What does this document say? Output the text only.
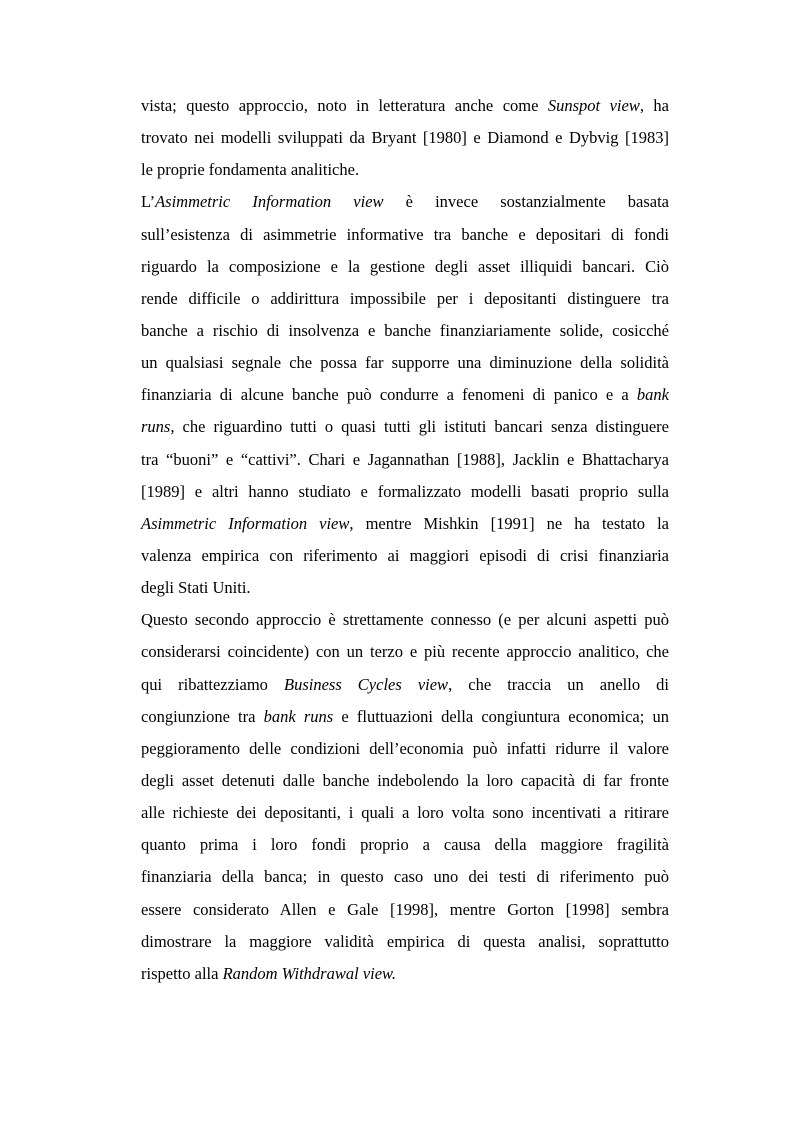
vista; questo approccio, noto in letteratura anche come Sunspot view, ha
trovato nei modelli sviluppati da Bryant [1980] e Diamond e Dybvig [1983]
le proprie fondamenta analitiche.
L’Asimmetric Information view è invece sostanzialmente basata
sull’esistenza di asimmetrie informative tra banche e depositari di fondi
riguardo la composizione e la gestione degli asset illiquidi bancari. Ciò
rende difficile o addirittura impossibile per i depositanti distinguere tra
banche a rischio di insolvenza e banche finanziariamente solide, cosicché
un qualsiasi segnale che possa far supporre una diminuzione della solidità
finanziaria di alcune banche può condurre a fenomeni di panico e a bank
runs, che riguardino tutti o quasi tutti gli istituti bancari senza distinguere
tra “buoni” e “cattivi”. Chari e Jagannathan [1988], Jacklin e Bhattacharya
[1989] e altri hanno studiato e formalizzato modelli basati proprio sulla
Asimmetric Information view, mentre Mishkin [1991] ne ha testato la
valenza empirica con riferimento ai maggiori episodi di crisi finanziaria
degli Stati Uniti.
Questo secondo approccio è strettamente connesso (e per alcuni aspetti può
considerarsi coincidente) con un terzo e più recente approccio analitico, che
qui ribattezziamo Business Cycles view, che traccia un anello di
congiunzione tra bank runs e fluttuazioni della congiuntura economica; un
peggioramento delle condizioni dell’economia può infatti ridurre il valore
degli asset detenuti dalle banche indebolendo la loro capacità di far fronte
alle richieste dei depositanti, i quali a loro volta sono incentivati a ritirare
quanto prima i loro fondi proprio a causa della maggiore fragilità
finanziaria della banca; in questo caso uno dei testi di riferimento può
essere considerato Allen e Gale [1998], mentre Gorton [1998] sembra
dimostrare la maggiore validità empirica di questa analisi, soprattutto
rispetto alla Random Withdrawal view.
